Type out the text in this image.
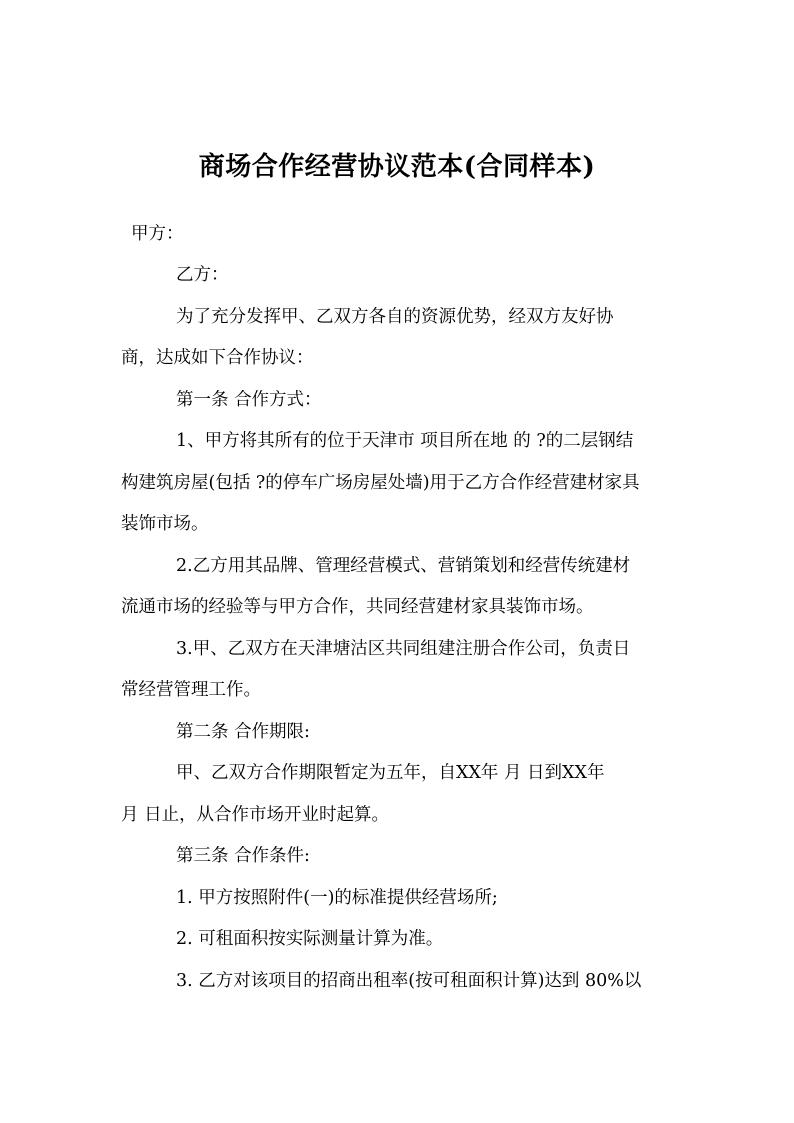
商场合作经营协议范本(合同样本)
甲方：
乙方：
为了充分发挥甲、乙双方各自的资源优势，经双方友好协
商，达成如下合作协议：
第一条 合作方式：
1、甲方将其所有的位于天津市 项目所在地 的 ?的二层钢结
构建筑房屋(包括 ?的停车广场房屋处墙)用于乙方合作经营建材家具
装饰市场。
2.乙方用其品牌、管理经营模式、营销策划和经营传统建材
流通市场的经验等与甲方合作，共同经营建材家具装饰市场。
3.甲、乙双方在天津塘沽区共同组建注册合作公司，负责日
常经营管理工作。
第二条 合作期限:
甲、乙双方合作期限暂定为五年，自XX年 月 日到XX年
月 日止，从合作市场开业时起算。
第三条 合作条件:
1. 甲方按照附件(一)的标准提供经营场所;
2. 可租面积按实际测量计算为准。
3. 乙方对该项目的招商出租率(按可租面积计算)达到 80%以
